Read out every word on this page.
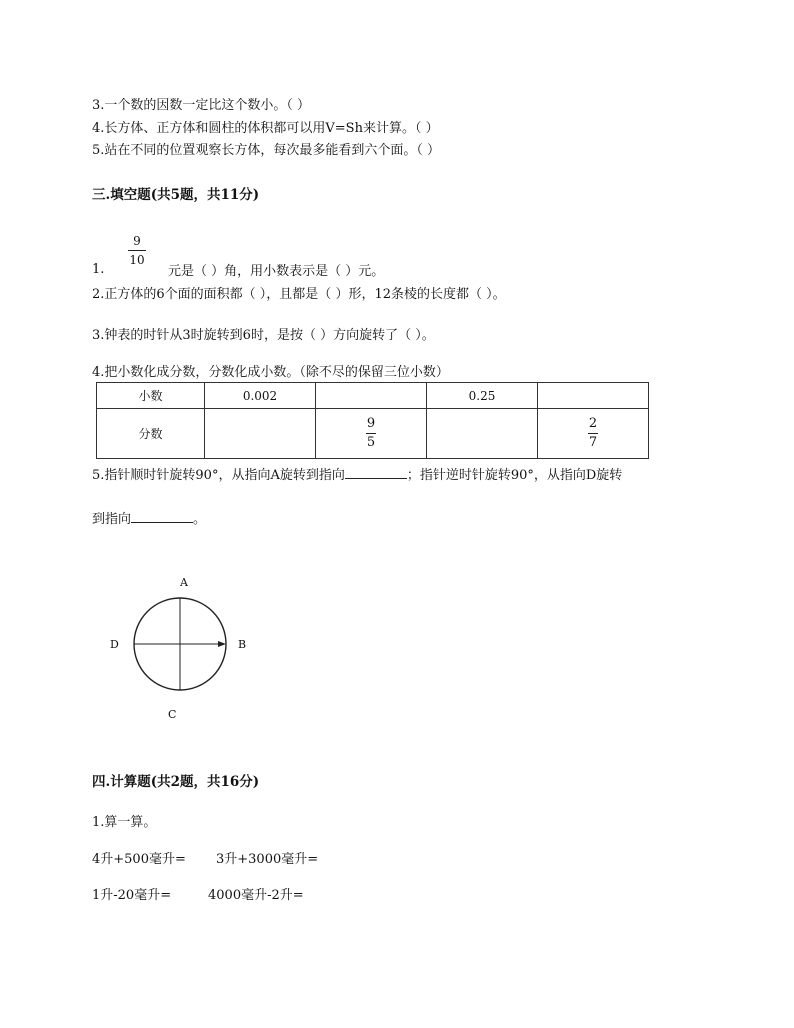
3.一个数的因数一定比这个数小。（ ）
4.长方体、正方体和圆柱的体积都可以用V=Sh来计算。（ ）
5.站在不同的位置观察长方体，每次最多能看到六个面。（ ）
三.填空题(共5题，共11分)
9
10
1.	元是（ ）角，用小数表示是（ ）元。
2.正方体的6个面的面积都（ ），且都是（ ）形，12条棱的长度都（ ）。
3.钟表的时针从3时旋转到6时，是按（ ）方向旋转了（ ）。
4.把小数化成分数，分数化成小数。（除不尽的保留三位小数）
小数	0.002		0.25	
分数		$\frac{9}{5}$		$\frac{2}{7}$
5.指针顺时针旋转90°，从指向A旋转到指向	；指针逆时针旋转90°，从指向D旋转
到指向	。
A
B
C
D
四.计算题(共2题，共16分)
1.算一算。
4升+500毫升= 3升+3000毫升=
1升-20毫升=	4000毫升-2升=
